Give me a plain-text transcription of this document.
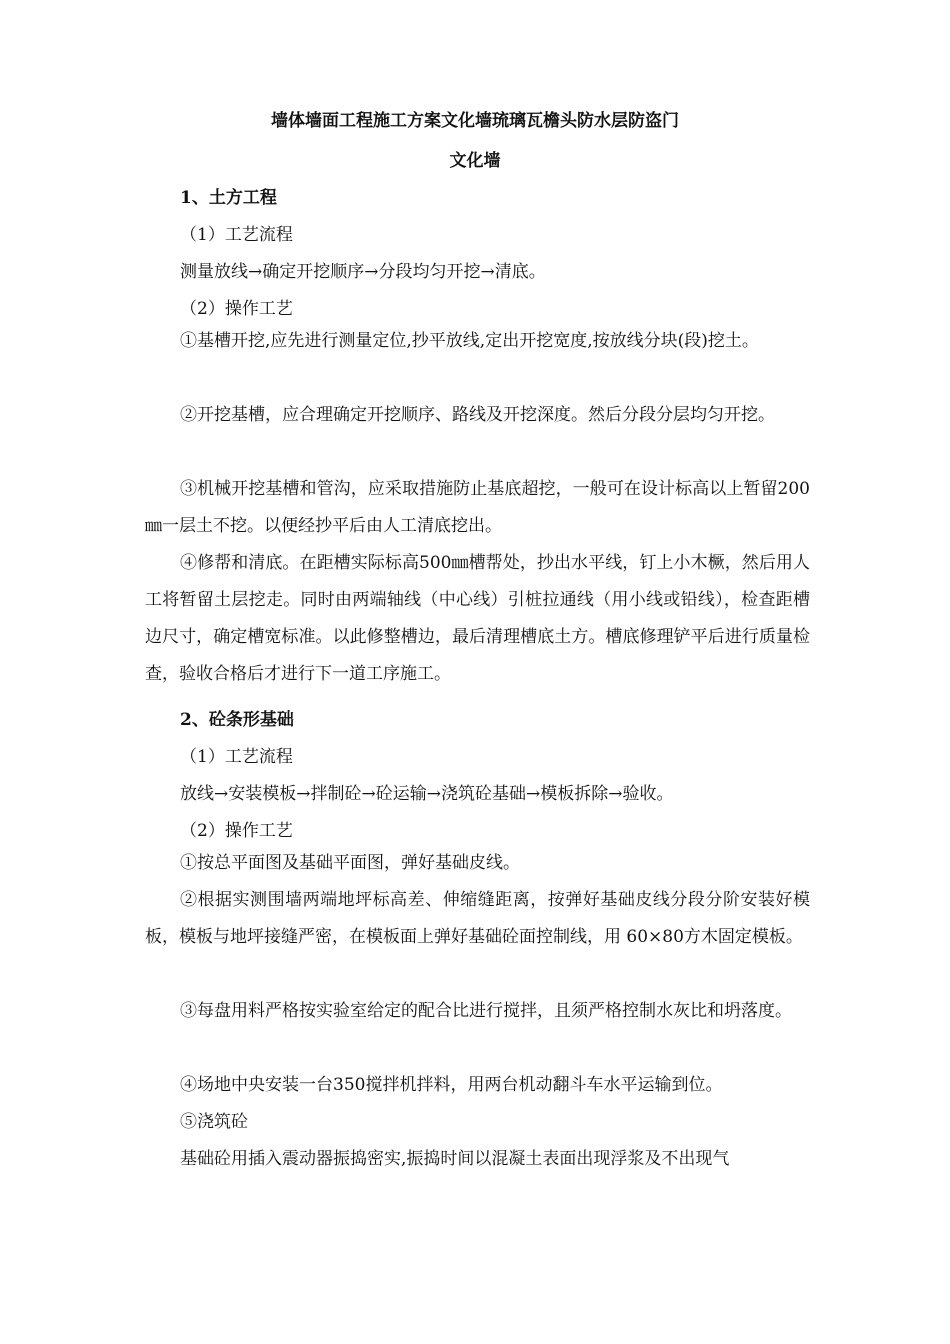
墙体墙面工程施工方案文化墙琉璃瓦檐头防水层防盗门
文化墙
1、土方工程
（1）工艺流程
测量放线→确定开挖顺序→分段均匀开挖→清底。
（2）操作工艺

①基槽开挖,应先进行测量定位,抄平放线,定出开挖宽度,按放线分块(段)挖土。

②开挖基槽，应合理确定开挖顺序、路线及开挖深度。然后分段分层均匀开挖。

③机械开挖基槽和管沟，应采取措施防止基底超挖，一般可在设计标高以上暂留200㎜一层土不挖。以便经抄平后由人工清底挖出。

④修帮和清底。在距槽实际标高500㎜槽帮处，抄出水平线，钉上小木橛，然后用人工将暂留土层挖走。同时由两端轴线（中心线）引桩拉通线（用小线或铅线），检查距槽边尺寸，确定槽宽标准。以此修整槽边，最后清理槽底土方。槽底修理铲平后进行质量检查，验收合格后才进行下一道工序施工。

2、砼条形基础
（1）工艺流程
放线→安装模板→拌制砼→砼运输→浇筑砼基础→模板拆除→验收。
（2）操作工艺

①按总平面图及基础平面图，弹好基础皮线。

②根据实测围墙两端地坪标高差、伸缩缝距离，按弹好基础皮线分段分阶安装好模板，模板与地坪接缝严密，在模板面上弹好基础砼面控制线，用 60×80方木固定模板。

③每盘用料严格按实验室给定的配合比进行搅拌，且须严格控制水灰比和坍落度。

④场地中央安装一台350搅拌机拌料，用两台机动翻斗车水平运输到位。

⑤浇筑砼

基础砼用插入震动器振捣密实,振捣时间以混凝土表面出现浮浆及不出现气
